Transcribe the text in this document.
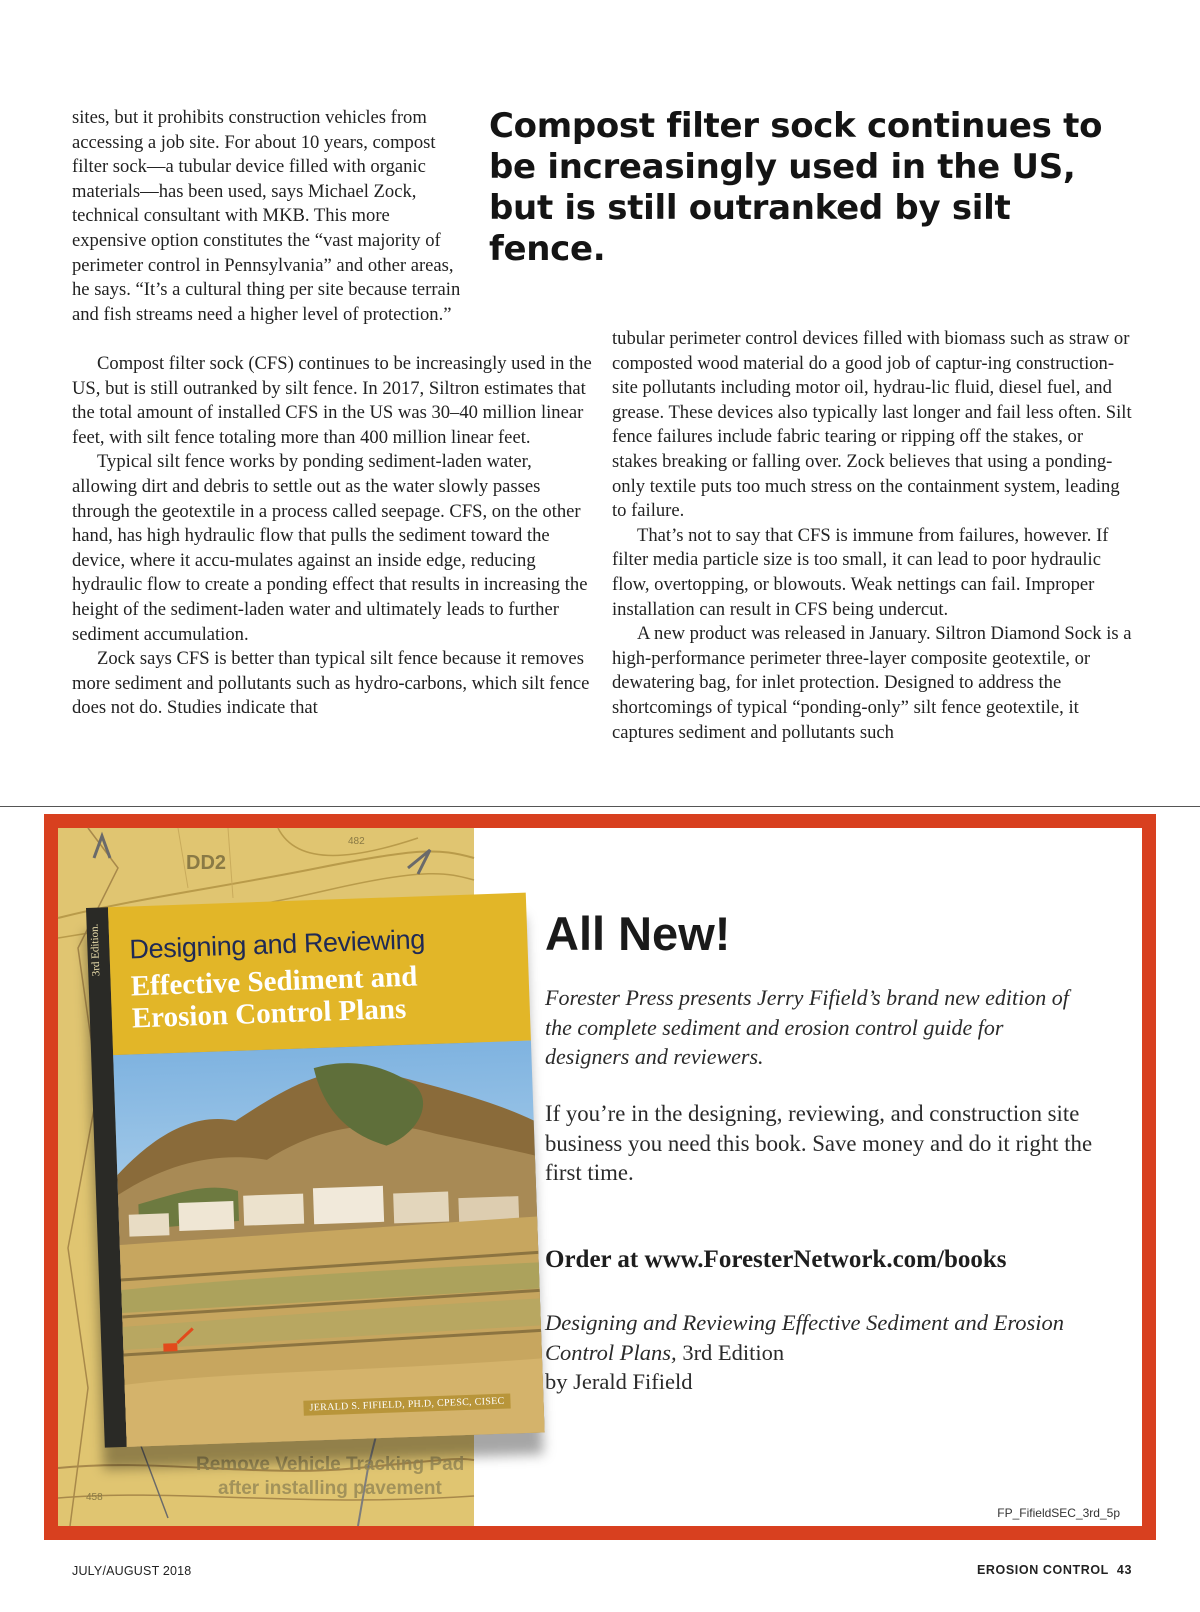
sites, but it prohibits construction vehicles from accessing a job site. For about 10 years, compost filter sock—a tubular device filled with organic materials—has been used, says Michael Zock, technical consultant with MKB. This more expensive option constitutes the “vast majority of perimeter control in Pennsylvania” and other areas, he says. “It’s a cultural thing per site because terrain and fish streams need a higher level of protection.”

Compost filter sock continues to be increasingly used in the US, but is still outranked by silt fence.

Compost filter sock (CFS) continues to be increasingly used in the US, but is still outranked by silt fence. In 2017, Siltron estimates that the total amount of installed CFS in the US was 30–40 million linear feet, with silt fence totaling more than 400 million linear feet.

Typical silt fence works by ponding sediment-laden water, allowing dirt and debris to settle out as the water slowly passes through the geotextile in a process called seepage. CFS, on the other hand, has high hydraulic flow that pulls the sediment toward the device, where it accu-mulates against an inside edge, reducing hydraulic flow to create a ponding effect that results in increasing the height of the sediment-laden water and ultimately leads to further sediment accumulation.

Zock says CFS is better than typical silt fence because it removes more sediment and pollutants such as hydro-carbons, which silt fence does not do. Studies indicate that

tubular perimeter control devices filled with biomass such as straw or composted wood material do a good job of captur-ing construction-site pollutants including motor oil, hydrau-lic fluid, diesel fuel, and grease. These devices also typically last longer and fail less often. Silt fence failures include fabric tearing or ripping off the stakes, or stakes breaking or falling over. Zock believes that using a ponding-only textile puts too much stress on the containment system, leading to failure.

That’s not to say that CFS is immune from failures, however. If filter media particle size is too small, it can lead to poor hydraulic flow, overtopping, or blowouts. Weak nettings can fail. Improper installation can result in CFS being undercut.

A new product was released in January. Siltron Diamond Sock is a high-performance perimeter three-layer composite geotextile, or dewatering bag, for inlet protection. Designed to address the shortcomings of typical “ponding-only” silt fence geotextile, it captures sediment and pollutants such

DD2
482
Remove Vehicle Tracking Pad
after installing pavement
458
3rd Edition. Designing and Reviewing
Effective Sediment and Erosion Control Plans
JERALD S. FIFIELD, PH.D, CPESC, CISEC
All New!
Forester Press presents Jerry Fifield’s brand new edition of the complete sediment and erosion control guide for designers and reviewers.
If you’re in the designing, reviewing, and construction site business you need this book. Save money and do it right the first time.
Order at www.ForesterNetwork.com/books
Designing and Reviewing Effective Sediment and Erosion Control Plans, 3rd Edition
by Jerald Fifield
FP_FifieldSEC_3rd_5p
JULY/AUGUST 2018	EROSION CONTROL 43
